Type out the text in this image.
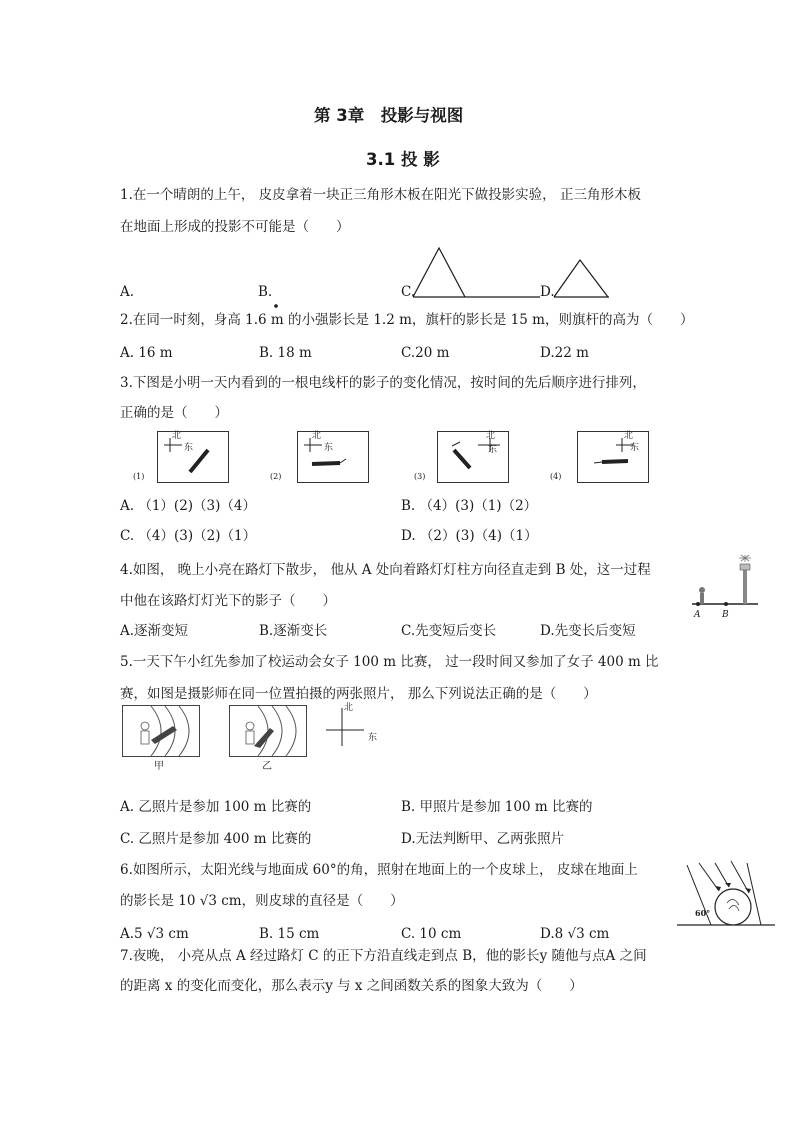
第 3章　投影与视图
3.1 投 影
1.在一个晴朗的上午， 皮皮拿着一块正三角形木板在阳光下做投影实验， 正三角形木板
在地面上形成的投影不可能是（　　）
A.	B.	C.	D.
2.在同一时刻，身高 1.6 m 的小强影长是 1.2 m，旗杆的影长是 15 m，则旗杆的高为（　　）
A. 16 m	B. 18 m	C.20 m	D.22 m
3.下图是小明一天内看到的一根电线杆的影子的变化情况，按时间的先后顺序进行排列，
正确的是（　　）
北
东
(1)
北
东
(2)
北
东
(3)
北
东
(4)
A. （1）(2)（3)（4）	B. （4）(3)（1)（2）
C. （4）(3)（2)（1）	D. （2）(3)（4)（1）
4.如图， 晚上小亮在路灯下散步， 他从 A 处向着路灯灯柱方向径直走到 B 处，这一过程
中他在该路灯灯光下的影子（　　）
A B
A.逐渐变短	B.逐渐变长	C.先变短后变长	D.先变长后变短
5.一天下午小红先参加了校运动会女子 100 m 比赛， 过一段时间又参加了女子 400 m 比
赛，如图是摄影师在同一位置拍摄的两张照片， 那么下列说法正确的是（　　）
甲	乙
北
东
A. 乙照片是参加 100 m 比赛的	B. 甲照片是参加 100 m 比赛的
C. 乙照片是参加 400 m 比赛的	D.无法判断甲、乙两张照片
6.如图所示，太阳光线与地面成 60°的角，照射在地面上的一个皮球上， 皮球在地面上
的影长是 10 √3 cm，则皮球的直径是（　　）
60°
A.5 √3 cm	B. 15 cm	C. 10 cm	D.8 √3 cm
7.夜晚， 小亮从点 A 经过路灯 C 的正下方沿直线走到点 B，他的影长y 随他与点A 之间
的距离 x 的变化而变化，那么表示y 与 x 之间函数关系的图象大致为（　　）
